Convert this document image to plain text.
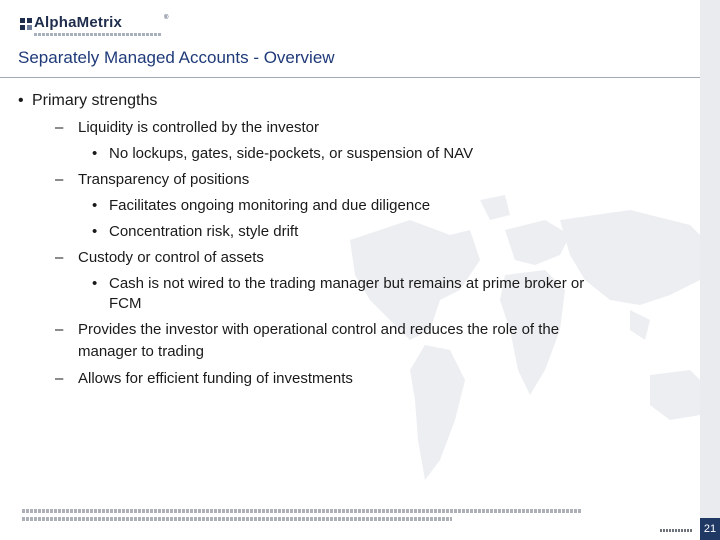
AlphaMetrix	®
Separately Managed Accounts - Overview
• Primary strengths
– Liquidity is controlled by the investor
• No lockups, gates, side-pockets, or suspension of NAV
– Transparency of positions
• Facilitates ongoing monitoring and due diligence
• Concentration risk, style drift
– Custody or control of assets
• Cash is not wired to the trading manager but remains at prime broker or
FCM
– Provides the investor with operational control and reduces the role of the
manager to trading
– Allows for efficient funding of investments
21
